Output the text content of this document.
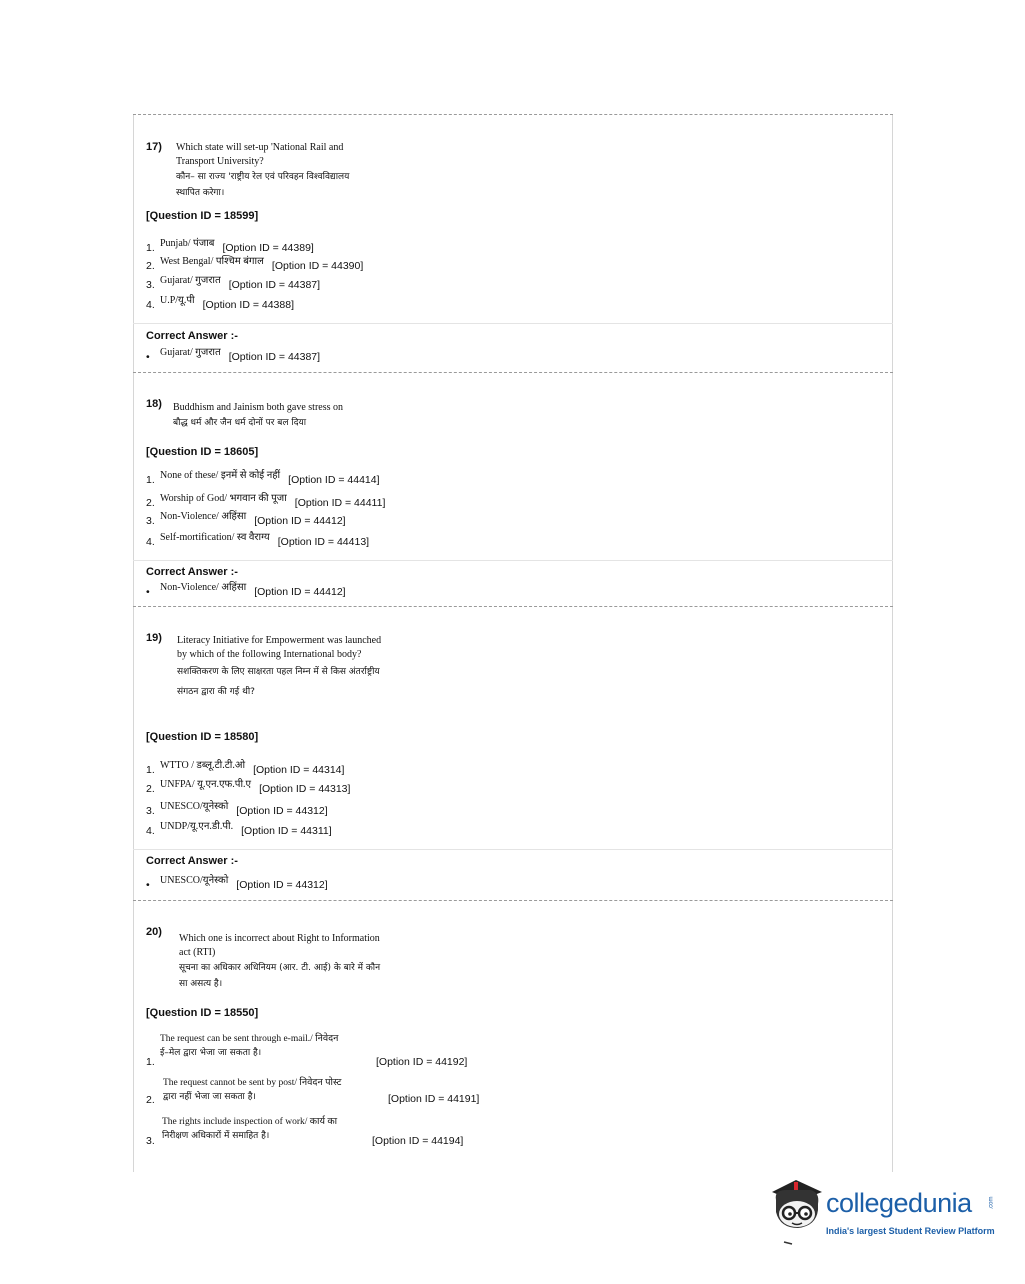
17) Which state will set-up 'National Rail and Transport University?
कौन– सा राज्य 'राष्ट्रीय रेल एवं परिवहन विश्वविद्यालय स्थापित करेगा।
[Question ID = 18599]
1. Punjab/ पंजाब [Option ID = 44389]
2. West Bengal/ पश्चिम बंगाल [Option ID = 44390]
3. Gujarat/ गुजरात [Option ID = 44387]
4. U.P/यू.पी [Option ID = 44388]
Correct Answer :-
• Gujarat/ गुजरात [Option ID = 44387]
18) Buddhism and Jainism both gave stress on
बौद्ध धर्म और जैन धर्म दोनों पर बल दिया
[Question ID = 18605]
1. None of these/ इनमें से कोई नहीं [Option ID = 44414]
2. Worship of God/ भगवान की पूजा [Option ID = 44411]
3. Non-Violence/ अहिंसा [Option ID = 44412]
4. Self-mortification/ स्व वैराग्य [Option ID = 44413]
Correct Answer :-
• Non-Violence/ अहिंसा [Option ID = 44412]
19) Literacy Initiative for Empowerment was launched by which of the following International body?
सशक्तिकरण के लिए साक्षरता पहल निम्न में से किस अंतर्राष्ट्रीय संगठन द्वारा की गई थी?
[Question ID = 18580]
1. WTTO / डब्लू.टी.टी.ओ [Option ID = 44314]
2. UNFPA/ यू.एन.एफ.पी.ए [Option ID = 44313]
3. UNESCO/यूनेस्को [Option ID = 44312]
4. UNDP/यू.एन.डी.पी. [Option ID = 44311]
Correct Answer :-
• UNESCO/यूनेस्को [Option ID = 44312]
20)
Which one is incorrect about Right to Information act (RTI)
सूचना का अधिकार अधिनियम (आर. टी. आई) के बारे में कौन सा असत्य है।
[Question ID = 18550]
The request can be sent through e-mail./ निवेदन
ई–मेल द्वारा भेजा जा सकता है।
1.	[Option ID = 44192]
The request cannot be sent by post/ निवेदन पोस्ट
द्वारा नहीं भेजा जा सकता है।
2.	[Option ID = 44191]
The rights include inspection of work/ कार्य का
निरीक्षण अधिकारों में समाहित है।
3.	[Option ID = 44194]
collegedunia	.com
India's largest Student Review Platform
